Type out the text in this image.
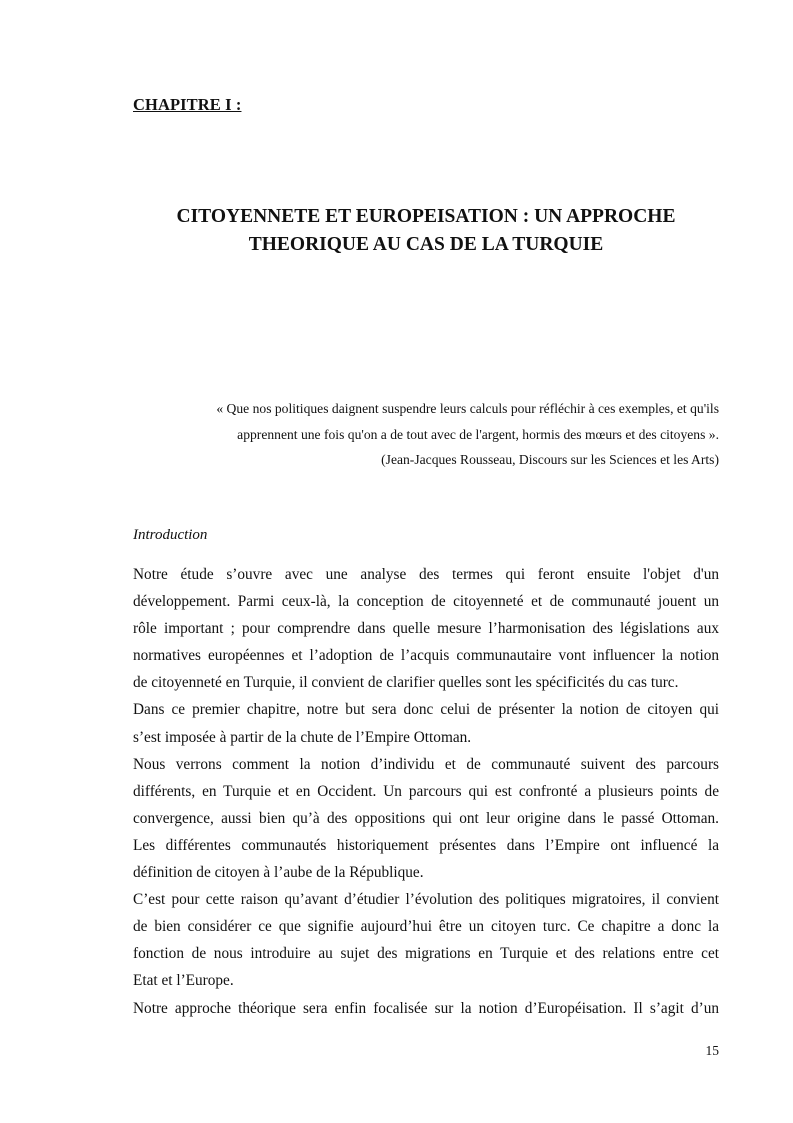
CHAPITRE I :
CITOYENNETE ET EUROPEISATION : UN APPROCHE
THEORIQUE AU CAS DE LA TURQUIE
« Que nos politiques daignent suspendre leurs calculs pour réfléchir à ces exemples, et qu'ils
apprennent une fois qu'on a de tout avec de l'argent, hormis des mœurs et des citoyens ».
(Jean-Jacques Rousseau, Discours sur les Sciences et les Arts)
Introduction
Notre étude s’ouvre avec une analyse des termes qui feront ensuite l'objet d'un
développement. Parmi ceux-là, la conception de citoyenneté et de communauté jouent un
rôle important ; pour comprendre dans quelle mesure l’harmonisation des législations aux
normatives européennes et l’adoption de l’acquis communautaire vont influencer la notion
de citoyenneté en Turquie, il convient de clarifier quelles sont les spécificités du cas turc.
Dans ce premier chapitre, notre but sera donc celui de présenter la notion de citoyen qui
s’est imposée à partir de la chute de l’Empire Ottoman.
Nous verrons comment la notion d’individu et de communauté suivent des parcours
différents, en Turquie et en Occident. Un parcours qui est confronté a plusieurs points de
convergence, aussi bien qu’à des oppositions qui ont leur origine dans le passé Ottoman.
Les différentes communautés historiquement présentes dans l’Empire ont influencé la
définition de citoyen à l’aube de la République.
C’est pour cette raison qu’avant d’étudier l’évolution des politiques migratoires, il convient
de bien considérer ce que signifie aujourd’hui être un citoyen turc. Ce chapitre a donc la
fonction de nous introduire au sujet des migrations en Turquie et des relations entre cet
Etat et l’Europe.
Notre approche théorique sera enfin focalisée sur la notion d’Européisation. Il s’agit d’un
15
